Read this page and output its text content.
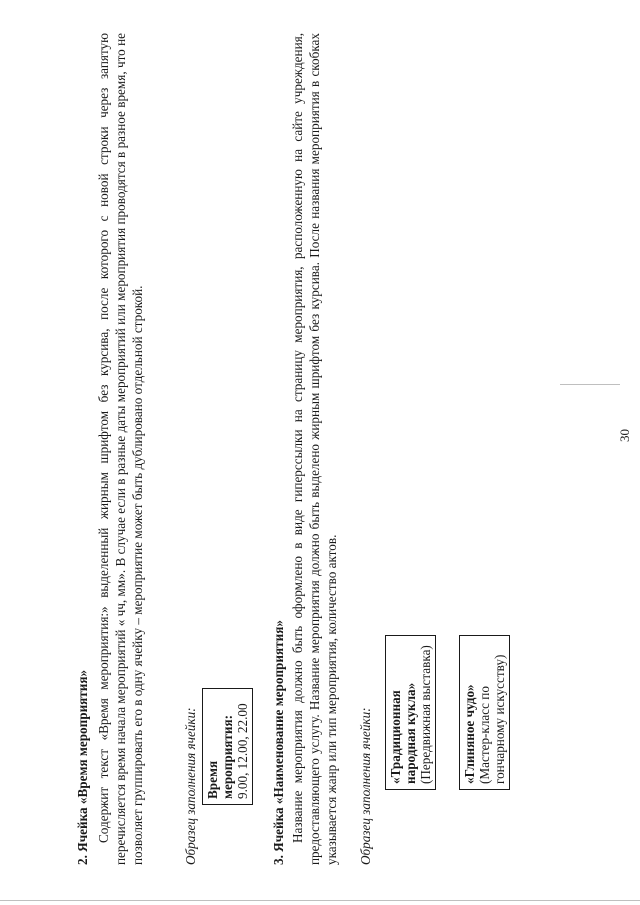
30
2. Ячейка «Время мероприятия» Содержит текст «Время мероприятия:» выделенный жирным шрифтом без курсива, после которого с новой строки через запятую перечисляется время начала мероприятий « чч, мм». В случае если в разные даты мероприятий или мероприятия проводятся в разное время, что не позволяет группировать его в одну ячейку – мероприятие может быть дублировано отдельной строкой.	Образец заполнения ячейки: Время мероприятия: 9.00, 12.00, 22.00 3. Ячейка «Наименование мероприятия» Название мероприятия должно быть оформлено в виде гиперссылки на страницу мероприятия, расположенную на сайте учреждения, предоставляющего услугу. Название мероприятия должно быть выделено жирным шрифтом без курсива. После названия мероприятия в скобках указывается жанр или тип мероприятия, количество актов. Образец заполнения ячейки: «Традиционная народная кукла» (Передвижная выставка) «Глиняное чудо» (Мастер-класс по гончарному искусству)
